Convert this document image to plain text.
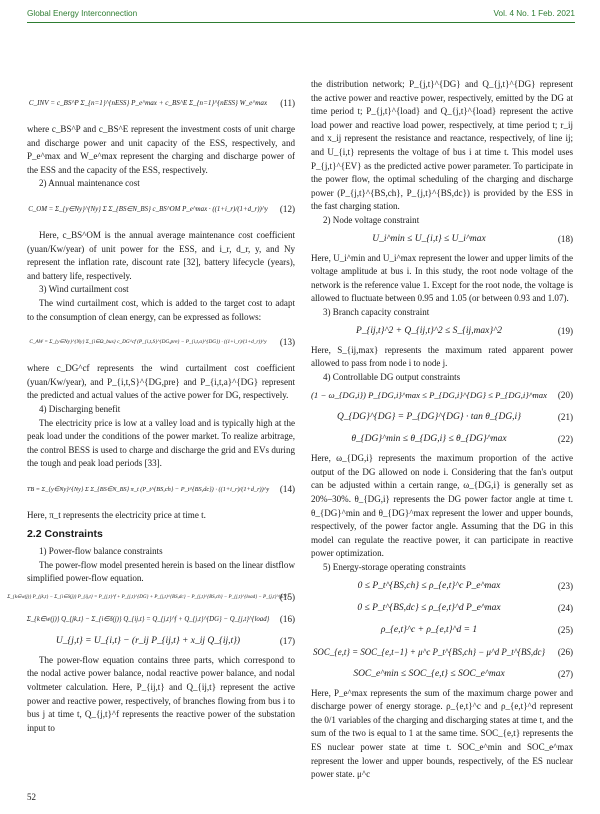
Global Energy Interconnection	Vol. 4 No. 1 Feb. 2021
C_INV = c_BS^P Σ_{n=1}^{nESS} P_e^max + c_BS^E Σ_{n=1}^{nESS} W_e^max (11)

where c_BS^P and c_BS^E represent the investment costs of unit charge and discharge power and unit capacity of the ESS, respectively, and P_e^max and W_e^max represent the charging and discharge power of the ESS and the capacity of the ESS, respectively.

2) Annual maintenance cost

C_OM = Σ_{y∈Ny}^{Ny} Σ Σ_{BS∈N_BS} c_BS^OM P_e^max · ((1+i_r)/(1+d_r))^y (12)

Here, c_BS^OM is the annual average maintenance cost coefficient (yuan/Kw/year) of unit power for the ESS, and i_r, d_r, y, and Ny represent the inflation rate, discount rate [32], battery lifecycle (years), and battery life, respectively.

3) Wind curtailment cost

The wind curtailment cost, which is added to the target cost to adapt to the consumption of clean energy, can be expressed as follows:

C_AW = Σ_{y∈Ny}^{Ny} Σ_{i∈Ω_bus} c_DG^cf (P_{i,t,S}^{DG,pre} − P_{i,t,a}^{DG}) · ((1+i_r)/(1+d_r))^y (13)

where c_DG^cf represents the wind curtailment cost coefficient (yuan/Kw/year), and P_{i,t,S}^{DG,pre} and P_{i,t,a}^{DG} represent the predicted and actual values of the active power for DG, respectively.

4) Discharging benefit

The electricity price is low at a valley load and is typically high at the peak load under the conditions of the power market. To realize arbitrage, the control BESS is used to charge and discharge the grid and EVs during the tough and peak load periods [33].

TB = Σ_{y∈Ny}^{Ny} Σ Σ_{BS∈N_BS} π_t (P_t^{BS,ch} − P_t^{BS,dc}) · ((1+i_r)/(1+d_r))^y (14)

Here, π_t represents the electricity price at time t.

2.2 Constraints

1) Power-flow balance constraints

The power-flow model presented herein is based on the linear distflow simplified power-flow equation.

Σ_{k∈w(j)} P_{jk,t} − Σ_{i∈δ(j)} P_{ij,t} = P_{j,t}^f + P_{j,t}^{DG} + P_{j,t}^{BS,dc} − P_{j,t}^{BS,ch} − P_{j,t}^{load} − P_{j,t}^{EV}
(15)
Σ_{k∈w(j)} Q_{jk,t} − Σ_{i∈δ(j)} Q_{ij,t} = Q_{j,t}^f + Q_{j,t}^{DG} − Q_{j,t}^{load} (16)
U_{j,t} = U_{i,t} − (r_ij P_{ij,t} + x_ij Q_{ij,t})	(17)

The power-flow equation contains three parts, which correspond to the nodal active power balance, nodal reactive power balance, and nodal voltmeter calculation. Here, P_{ij,t} and Q_{ij,t} represent the active power and reactive power, respectively, of branches flowing from bus i to bus j at time t, Q_{j,t}^f represents the reactive power of the substation input to

the distribution network; P_{j,t}^{DG} and Q_{j,t}^{DG} represent the active power and reactive power, respectively, emitted by the DG at time period t; P_{j,t}^{load} and Q_{j,t}^{load} represent the active load power and reactive load power, respectively, at time period t; r_ij and x_ij represent the resistance and reactance, respectively, of line ij; and U_{i,t} represents the voltage of bus i at time t. This model uses P_{j,t}^{EV} as the predicted active power parameter. To participate in the power flow, the optimal scheduling of the charging and discharge power (P_{j,t}^{BS,ch}, P_{j,t}^{BS,dc}) is provided by the ESS in the fast charging station.

2) Node voltage constraint

U_i^min ≤ U_{i,t} ≤ U_i^max	(18)

Here, U_i^min and U_i^max represent the lower and upper limits of the voltage amplitude at bus i. In this study, the root node voltage of the network is the reference value 1. Except for the root node, the voltage is allowed to fluctuate between 0.95 and 1.05 (or between 0.93 and 1.07).

3) Branch capacity constraint

P_{ij,t}^2 + Q_{ij,t}^2 ≤ S_{ij,max}^2	(19)

Here, S_{ij,max} represents the maximum rated apparent power allowed to pass from node i to node j.

4) Controllable DG output constraints

(1 − ω_{DG,i}) P_{DG,i}^max ≤ P_{DG,i}^{DG} ≤ P_{DG,i}^max (20)
Q_{DG}^{DG} = P_{DG}^{DG} · tan θ_{DG,i}	(21)
θ_{DG}^min ≤ θ_{DG,i} ≤ θ_{DG}^max	(22)

Here, ω_{DG,i} represents the maximum proportion of the active output of the DG allowed on node i. Considering that the fan's output can be adjusted within a certain range, ω_{DG,i} is generally set as 20%–30%. θ_{DG,i} represents the DG power factor angle at time t. θ_{DG}^min and θ_{DG}^max represent the lower and upper bounds, respectively, of the power factor angle. Assuming that the DG in this model can regulate the reactive power, it can participate in reactive power optimization.

5) Energy-storage operating constraints

0 ≤ P_t^{BS,ch} ≤ ρ_{e,t}^c P_e^max	(23)
0 ≤ P_t^{BS,dc} ≤ ρ_{e,t}^d P_e^max	(24)
ρ_{e,t}^c + ρ_{e,t}^d = 1	(25)
SOC_{e,t} = SOC_{e,t−1} + μ^c P_t^{BS,ch} − μ^d P_t^{BS,dc} (26)
SOC_e^min ≤ SOC_{e,t} ≤ SOC_e^max	(27)

Here, P_e^max represents the sum of the maximum charge power and discharge power of energy storage. ρ_{e,t}^c and ρ_{e,t}^d represent the 0/1 variables of the charging and discharging states at time t, and the sum of the two is equal to 1 at the same time. SOC_{e,t} represents the ES nuclear power state at time t. SOC_e^min and SOC_e^max represent the lower and upper bounds, respectively, of the ES nuclear power state. μ^c

52
